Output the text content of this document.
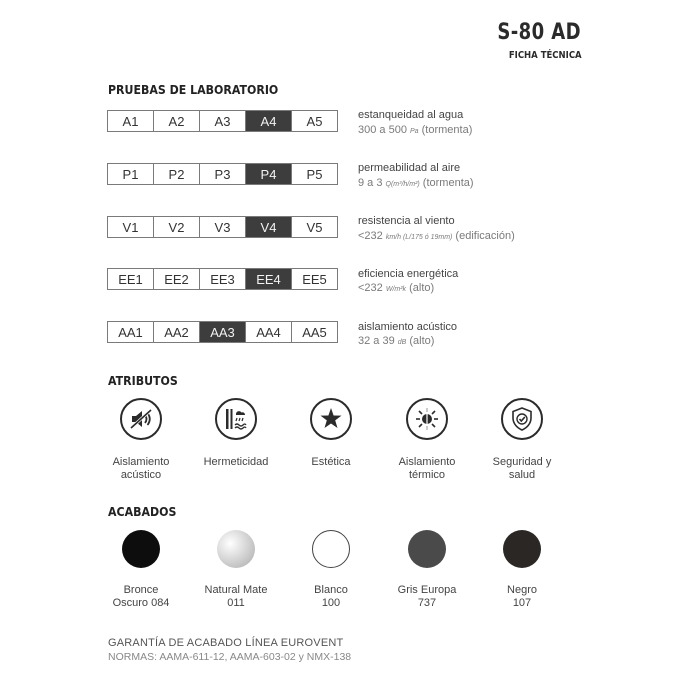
S-80 AD
FICHA TÉCNICA
PRUEBAS DE LABORATORIO
A1	A2	A3	A4	A5	estanqueidad al agua
300 a 500 Pa (tormenta)
P1	P2	P3	P4	P5	permeabilidad al aire
9 a 3 Q(m³/h/m²) (tormenta)
V1	V2	V3	V4	V5	resistencia al viento
<232 km/h (L/175 ó 19mm) (edificación)
EE1	EE2	EE3	EE4	EE5	eficiencia energética
<232 W/m²k (alto)
AA1	AA2	AA3	AA4	AA5	aislamiento acústico
32 a 39 dB (alto)
ATRIBUTOS
Aislamiento
acústico
Hermeticidad	Estética	Aislamiento
térmico
Seguridad y
salud
ACABADOS
Bronce
Oscuro 084
Natural Mate
011
Blanco
100
Gris Europa
737
Negro
107
GARANTÍA DE ACABADO LÍNEA EUROVENT
NORMAS: AAMA-611-12, AAMA-603-02 y NMX-138
